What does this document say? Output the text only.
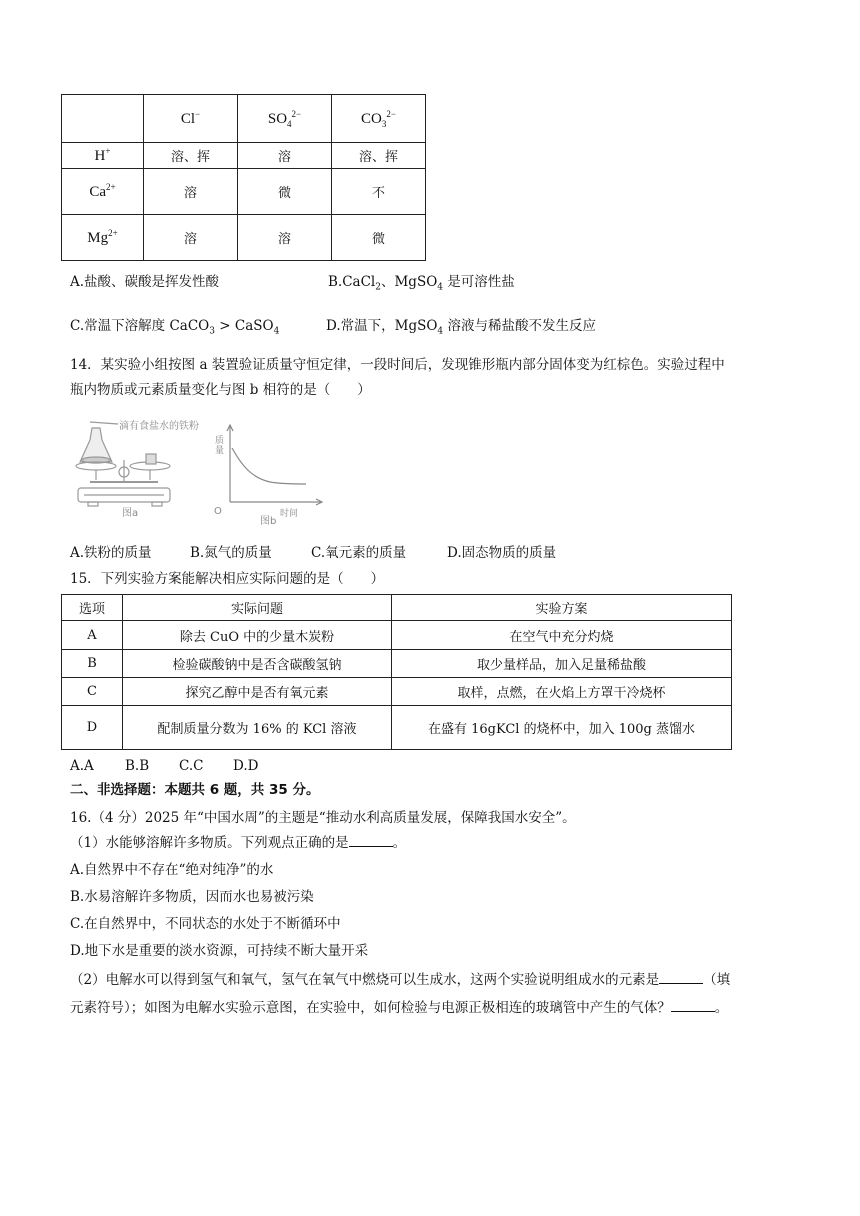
	Cl−	$SO_4^{2-}$	$CO_3^{2-}$
H+	溶、挥	溶	溶、挥
$Ca^{2+}$	溶	微	不
$Mg^{2+}$	溶	溶	微
A.盐酸、碳酸是挥发性酸	B.CaCl$_2$、MgSO$_4$ 是可溶性盐
C.常温下溶解度 CaCO$_3$ > CaSO$_4$	D.常温下，MgSO$_4$ 溶液与稀盐酸不发生反应
14．某实验小组按图 a 装置验证质量守恒定律，一段时间后，发现锥形瓶内部分固体变为红棕色。实验过程中
瓶内物质或元素质量变化与图 b 相符的是（　　）
图a
滴有食盐水的铁粉
O	时间
图b
质量
A.铁粉的质量	B.氮气的质量	C.氧元素的质量	D.固态物质的质量
15．下列实验方案能解决相应实际问题的是（　　）
选项	实际问题	实验方案
A	除去 CuO 中的少量木炭粉	在空气中充分灼烧
B	检验碳酸钠中是否含碳酸氢钠	取少量样品，加入足量稀盐酸
C	探究乙醇中是否有氧元素	取样，点燃，在火焰上方罩干冷烧杯
D	配制质量分数为 16% 的 KCl 溶液	在盛有 16gKCl 的烧杯中，加入 100g 蒸馏水
A.A B.B C.C D.D
二、非选择题：本题共 6 题，共 35 分。
16.（4 分）2025 年“中国水周”的主题是“推动水利高质量发展，保障我国水安全”。
（1）水能够溶解许多物质。下列观点正确的是	。
A.自然界中不存在“绝对纯净”的水
B.水易溶解许多物质，因而水也易被污染
C.在自然界中，不同状态的水处于不断循环中
D.地下水是重要的淡水资源，可持续不断大量开采
（2）电解水可以得到氢气和氧气，氢气在氧气中燃烧可以生成水，这两个实验说明组成水的元素是	（填
元素符号）；如图为电解水实验示意图，在实验中，如何检验与电源正极相连的玻璃管中产生的气体？	。
